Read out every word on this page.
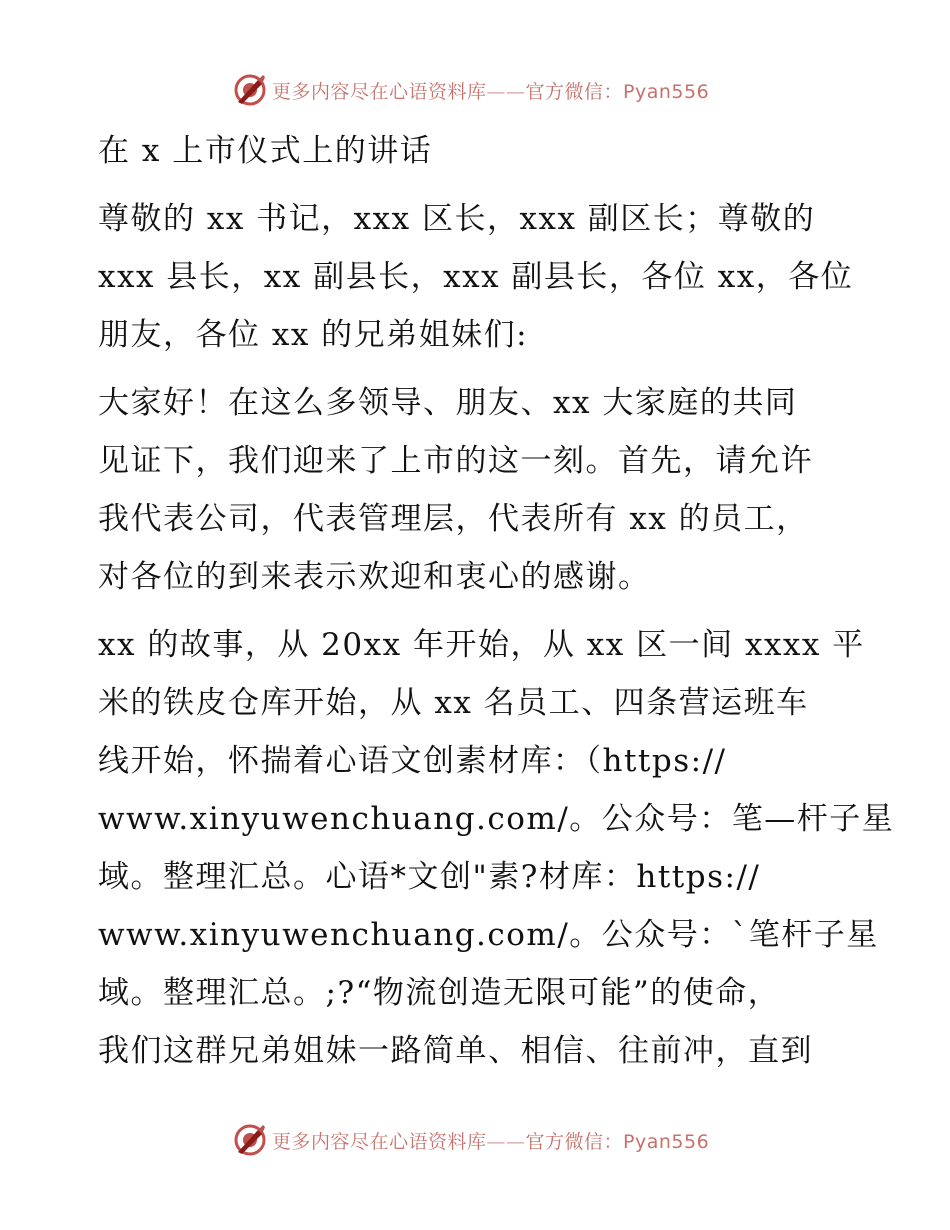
更多内容尽在心语资料库——官方微信：Pyan556
在 x 上市仪式上的讲话
尊敬的 xx 书记，xxx 区长，xxx 副区长；尊敬的
xxx 县长，xx 副县长，xxx 副县长，各位 xx，各位
朋友，各位 xx 的兄弟姐妹们:
大家好！在这么多领导、朋友、xx 大家庭的共同
见证下，我们迎来了上市的这一刻。首先，请允许
我代表公司，代表管理层，代表所有 xx 的员工，
对各位的到来表示欢迎和衷心的感谢。
xx 的故事，从 20xx 年开始，从 xx 区一间 xxxx 平
米的铁皮仓库开始，从 xx 名员工、四条营运班车
线开始，怀揣着心语文创素材库：（https://
www.xinyuwenchuang.com/。公众号：笔—杆子星
域。整理汇总。心语*文创"素?材库：https://
www.xinyuwenchuang.com/。公众号：`笔杆子星
域。整理汇总。;?“物流创造无限可能”的使命，
我们这群兄弟姐妹一路简单、相信、往前冲，直到
更多内容尽在心语资料库——官方微信：Pyan556
